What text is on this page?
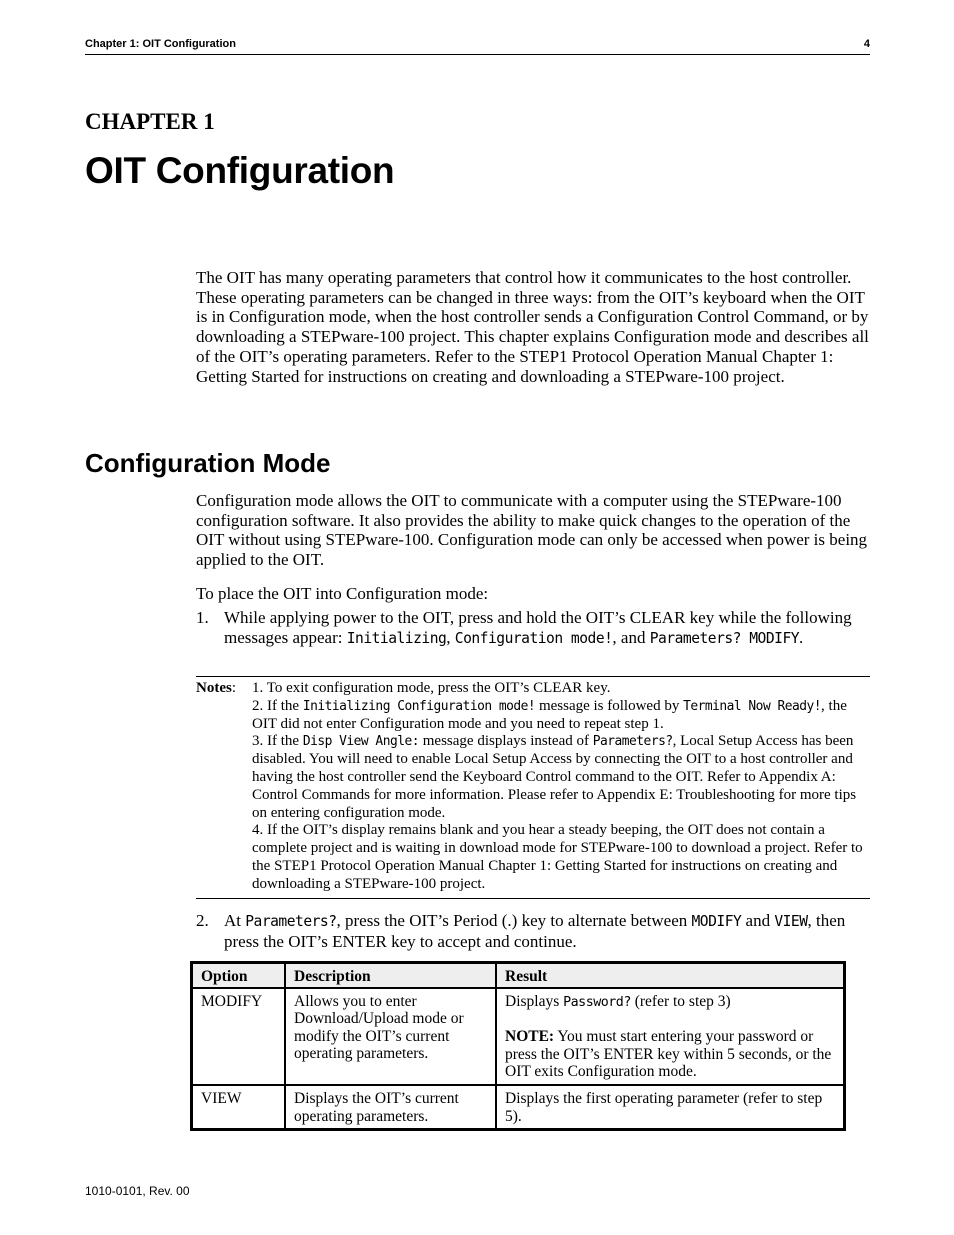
Chapter 1: OIT Configuration	4
CHAPTER 1
OIT Configuration

The OIT has many operating parameters that control how it communicates to the host controller. These operating parameters can be changed in three ways: from the OIT’s keyboard when the OIT is in Configuration mode, when the host controller sends a Configuration Control Command, or by downloading a STEPware-100 project. This chapter explains Configuration mode and describes all of the OIT’s operating parameters. Refer to the STEP1 Protocol Operation Manual Chapter 1: Getting Started for instructions on creating and downloading a STEPware-100 project.

Configuration Mode

Configuration mode allows the OIT to communicate with a computer using the STEPware-100 configuration software. It also provides the ability to make quick changes to the operation of the OIT without using STEPware-100. Configuration mode can only be accessed when power is being applied to the OIT.

To place the OIT into Configuration mode:

1. While applying power to the OIT, press and hold the OIT’s CLEAR key while the following messages appear: Initializing, Configuration mode!, and Parameters? MODIFY.
Notes: 1. To exit configuration mode, press the OIT’s CLEAR key.
2. If the Initializing Configuration mode! message is followed by Terminal Now Ready!, the OIT did not enter Configuration mode and you need to repeat step 1.
3. If the Disp View Angle: message displays instead of Parameters?, Local Setup Access has been disabled. You will need to enable Local Setup Access by connecting the OIT to a host controller and having the host controller send the Keyboard Control command to the OIT. Refer to Appendix A: Control Commands for more information. Please refer to Appendix E: Troubleshooting for more tips on entering configuration mode.
4. If the OIT’s display remains blank and you hear a steady beeping, the OIT does not contain a complete project and is waiting in download mode for STEPware-100 to download a project. Refer to the STEP1 Protocol Operation Manual Chapter 1: Getting Started for instructions on creating and downloading a STEPware-100 project.
2. At Parameters?, press the OIT’s Period (.) key to alternate between MODIFY and VIEW, then press the OIT’s ENTER key to accept and continue.
Option	Description	Result
MODIFY	Allows you to enter Download/Upload mode or modify the OIT’s current operating parameters.	Displays Password? (refer to step 3)
NOTE: You must start entering your password or press the OIT’s ENTER key within 5 seconds, or the OIT exits Configuration mode.

VIEW	Displays the OIT’s current operating parameters.	Displays the first operating parameter (refer to step 5).
1010-0101, Rev. 00
